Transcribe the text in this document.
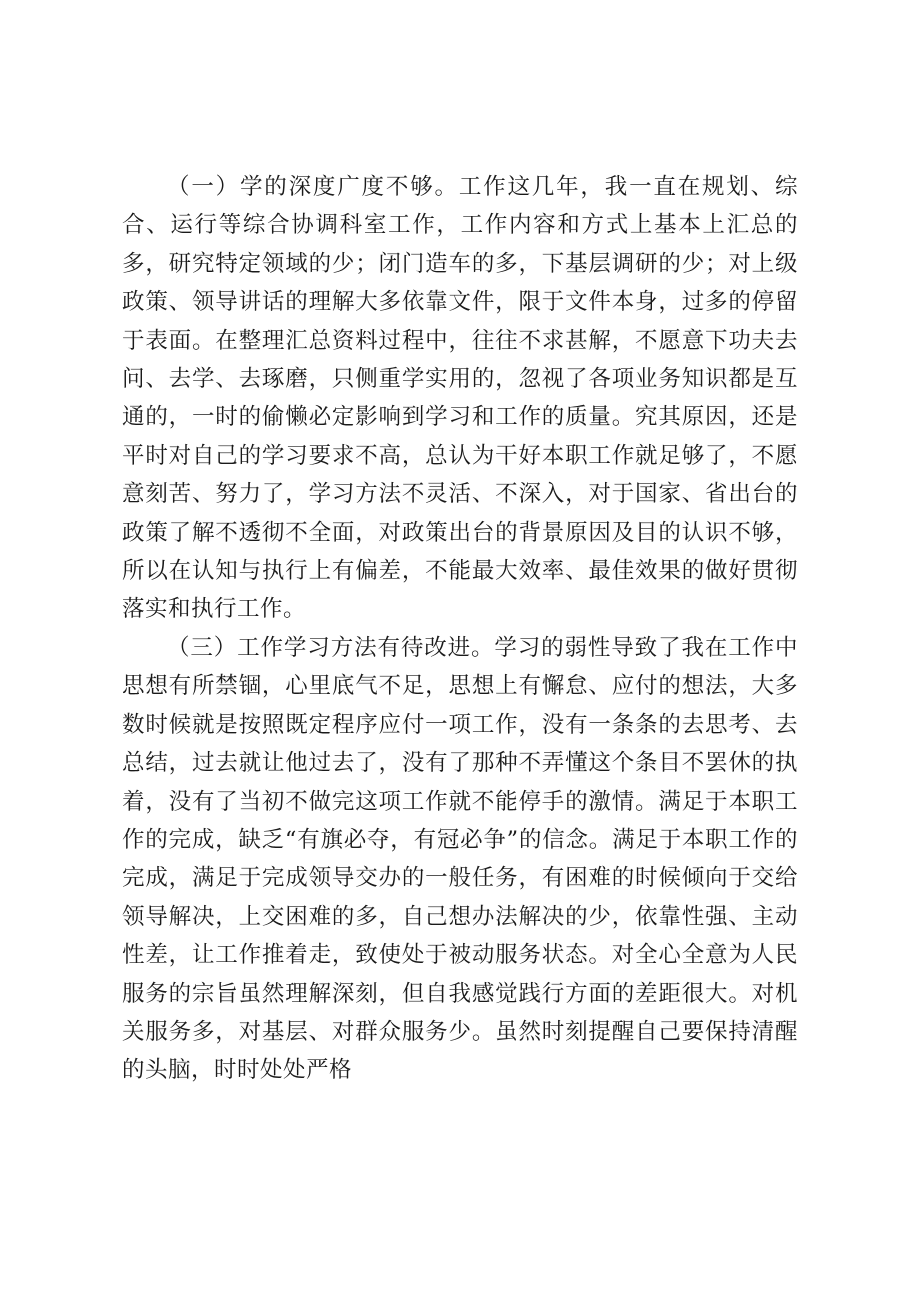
（一）学的深度广度不够。工作这几年，我一直在规划、综合、运行等综合协调科室工作，工作内容和方式上基本上汇总的多，研究特定领域的少；闭门造车的多，下基层调研的少；对上级政策、领导讲话的理解大多依靠文件，限于文件本身，过多的停留于表面。在整理汇总资料过程中，往往不求甚解，不愿意下功夫去问、去学、去琢磨，只侧重学实用的，忽视了各项业务知识都是互通的，一时的偷懒必定影响到学习和工作的质量。究其原因，还是平时对自己的学习要求不高，总认为干好本职工作就足够了，不愿意刻苦、努力了，学习方法不灵活、不深入，对于国家、省出台的政策了解不透彻不全面，对政策出台的背景原因及目的认识不够，所以在认知与执行上有偏差，不能最大效率、最佳效果的做好贯彻落实和执行工作。

（三）工作学习方法有待改进。学习的弱性导致了我在工作中思想有所禁锢，心里底气不足，思想上有懈怠、应付的想法，大多数时候就是按照既定程序应付一项工作，没有一条条的去思考、去总结，过去就让他过去了，没有了那种不弄懂这个条目不罢休的执着，没有了当初不做完这项工作就不能停手的激情。满足于本职工作的完成，缺乏“有旗必夺，有冠必争”的信念。满足于本职工作的完成，满足于完成领导交办的一般任务，有困难的时候倾向于交给领导解决，上交困难的多，自己想办法解决的少，依靠性强、主动性差，让工作推着走，致使处于被动服务状态。对全心全意为人民服务的宗旨虽然理解深刻，但自我感觉践行方面的差距很大。对机关服务多，对基层、对群众服务少。虽然时刻提醒自己要保持清醒的头脑，时时处处严格
